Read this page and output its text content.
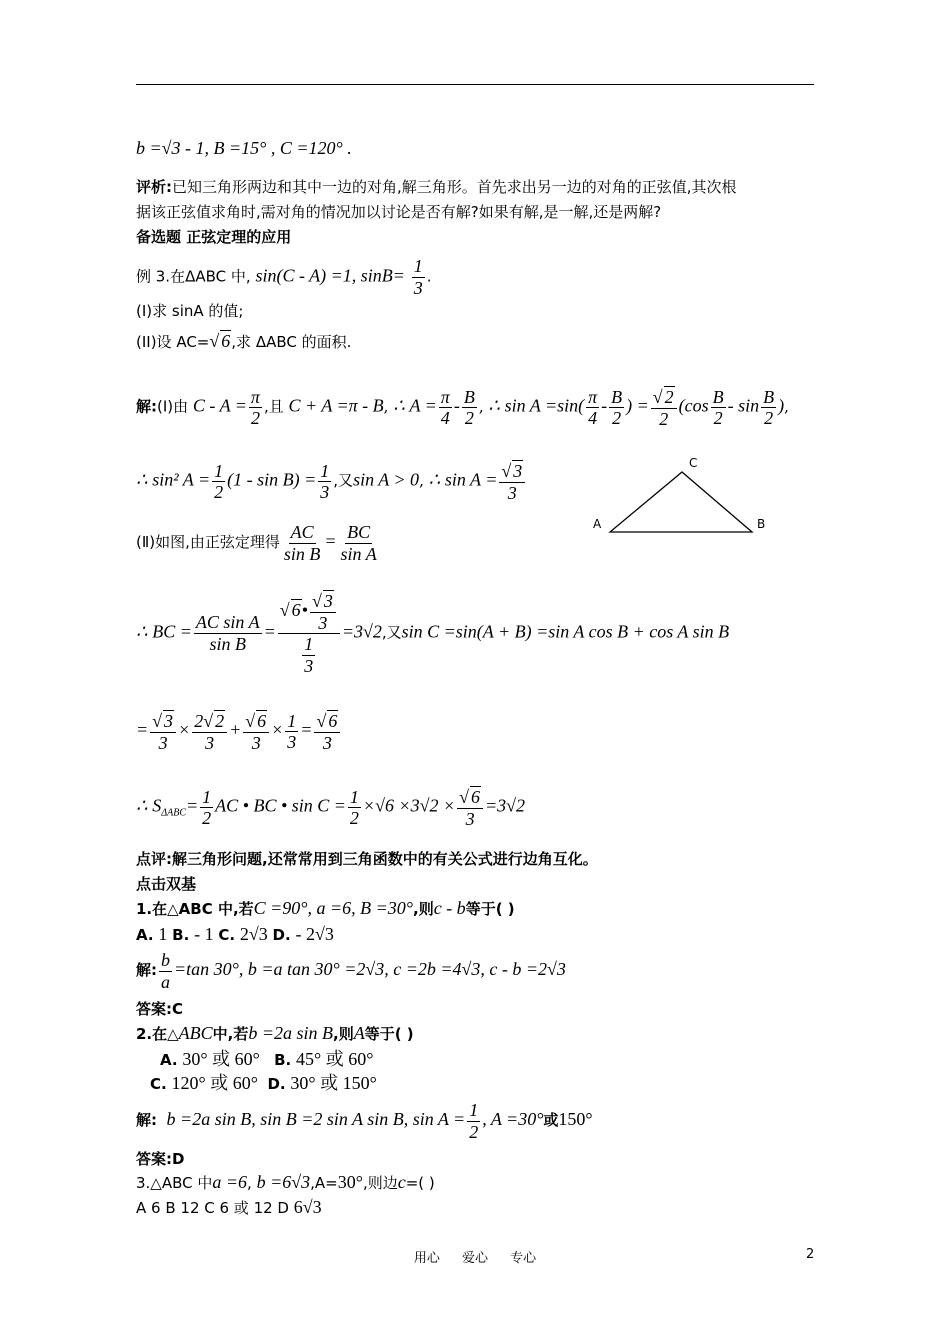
b =√3 - 1, B =15° , C =120° .
评析:已知三角形两边和其中一边的对角,解三角形。首先求出另一边的对角的正弦值,其次根
据该正弦值求角时,需对角的情况加以讨论是否有解?如果有解,是一解,还是两解?
备选题 正弦定理的应用
例 3.在ΔABC 中, sin(C - A) =1, $\sin B= \frac{1}{3}$ .
(I)求 sinA 的值;
(II)设 AC=√ 6,求 ΔABC 的面积.
解:(Ⅰ)由 $C - A = \frac{\pi}{2}$ ,且 C + A =π - B, ∴ $A = \frac{\pi}{4} - \frac{B}{2}$ , ∴ $\sin A =\sin( \frac{\pi}{4} - \frac{B}{2}$ ) = $\frac{√ 2}{2} (\cos \frac{B}{2}$ - $\sin \frac{B}{2}$ ),
∴ sin² $A = \frac{1}{2} (1 - \sin B) = \frac{1}{3}$ ,又sin A > 0, ∴ $\sin A = \frac{√ 3}{3}$
A
C
B
(Ⅱ)如图,由正弦定理得 $\frac{AC}{\text{sin B}} = \frac{BC}{\text{sin A}}$
∴ BC = $\frac{\text{AC sin A}}{\text{sin B}} = \frac{√ 6• \frac{√ 3}{3}}{\frac{1}{3}} =3√2$,又sin C =sin(A + B) =sin A cos B + cos A sin B
= $\frac{√ 3}{3} \times \frac{2√ 2}{3} + \frac{√ 6}{3} \times \frac{1}{3} = \frac{√ 6}{3}$
∴ $S_{\Delta ABC}= \frac{1}{2}$ AC • BC • $\sin C = \frac{1}{2} \times√6 \times 3√2 \times \frac{√ 6}{3} =3√2$
点评:解三角形问题,还常常用到三角函数中的有关公式进行边角互化。
点击双基
1.在△ABC 中,若C =90°, a =6, B =30°,则c - b等于( )
A. 1 B. - 1 C. 2√3 D. - 2√3
解: $\frac{b}{a} =\tan$ 30°, b =a tan 30° =2√3, c =2b =4√3, c - b =2√3
答案:C
2.在△ABC中,若b =2a sin B,则A等于( )
A. 30° 或 60° B. 45° 或 60°
C. 120° 或 60° D. 30° 或 150°
解: b =2a sin B, sin B =2 sin A sin B, $\sin A = \frac{1}{2}$ , A =30°或150°
答案:D
3.△ABC 中a =6, b =6√3,A=30°,则边c=( )
A 6 B 12 C 6 或 12 D 6√3
用心 爱心 专心	2
